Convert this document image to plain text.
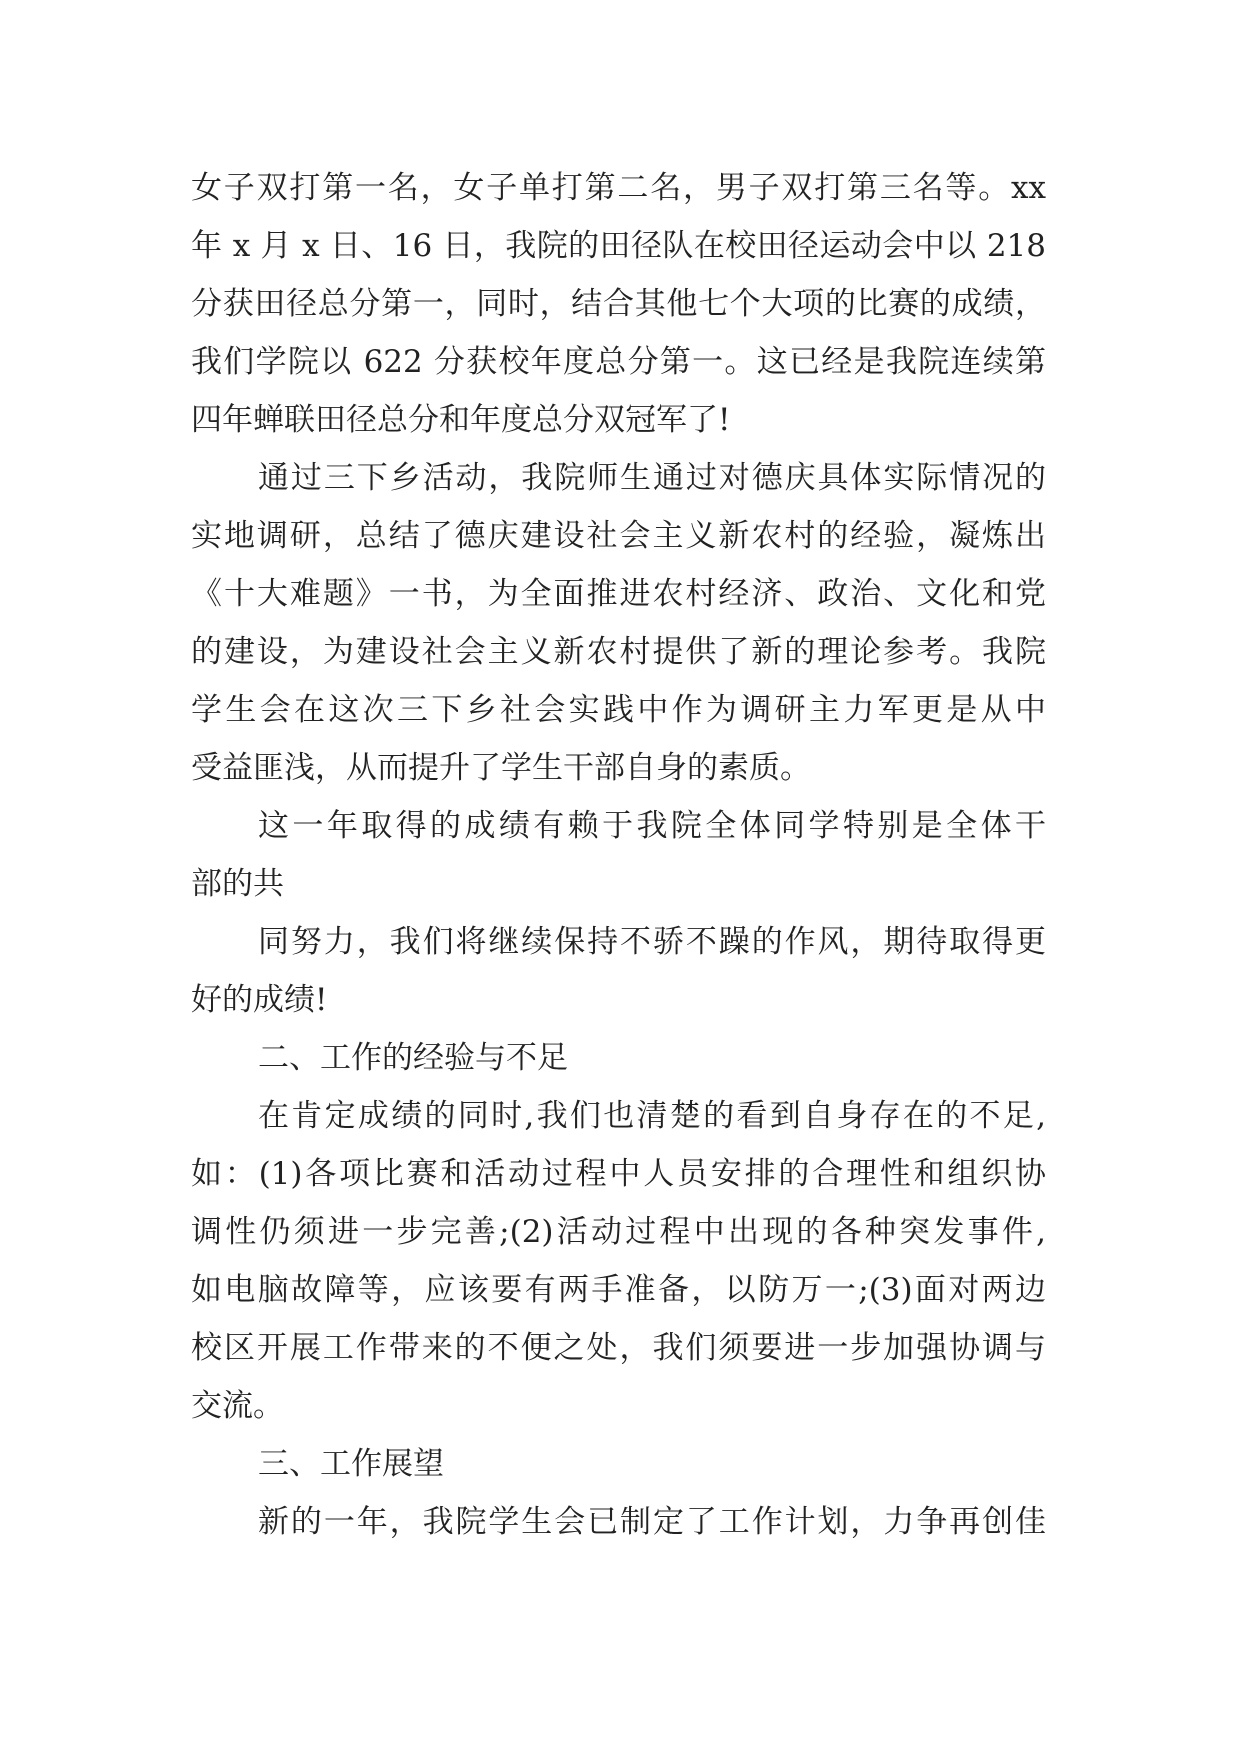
女子双打第一名，女子单打第二名，男子双打第三名等。xx
年 x 月 x 日、16 日，我院的田径队在校田径运动会中以 218
分获田径总分第一，同时，结合其他七个大项的比赛的成绩，
我们学院以 622 分获校年度总分第一。这已经是我院连续第
四年蝉联田径总分和年度总分双冠军了!
通过三下乡活动，我院师生通过对德庆具体实际情况的
实地调研，总结了德庆建设社会主义新农村的经验，凝炼出
《十大难题》一书，为全面推进农村经济、政治、文化和党
的建设，为建设社会主义新农村提供了新的理论参考。我院
学生会在这次三下乡社会实践中作为调研主力军更是从中
受益匪浅，从而提升了学生干部自身的素质。
这一年取得的成绩有赖于我院全体同学特别是全体干
部的共
同努力，我们将继续保持不骄不躁的作风，期待取得更
好的成绩!
二、工作的经验与不足
在肯定成绩的同时,我们也清楚的看到自身存在的不足,
如：(1)各项比赛和活动过程中人员安排的合理性和组织协
调性仍须进一步完善;(2)活动过程中出现的各种突发事件,
如电脑故障等，应该要有两手准备，以防万一;(3)面对两边
校区开展工作带来的不便之处，我们须要进一步加强协调与
交流。
三、工作展望
新的一年，我院学生会已制定了工作计划，力争再创佳
